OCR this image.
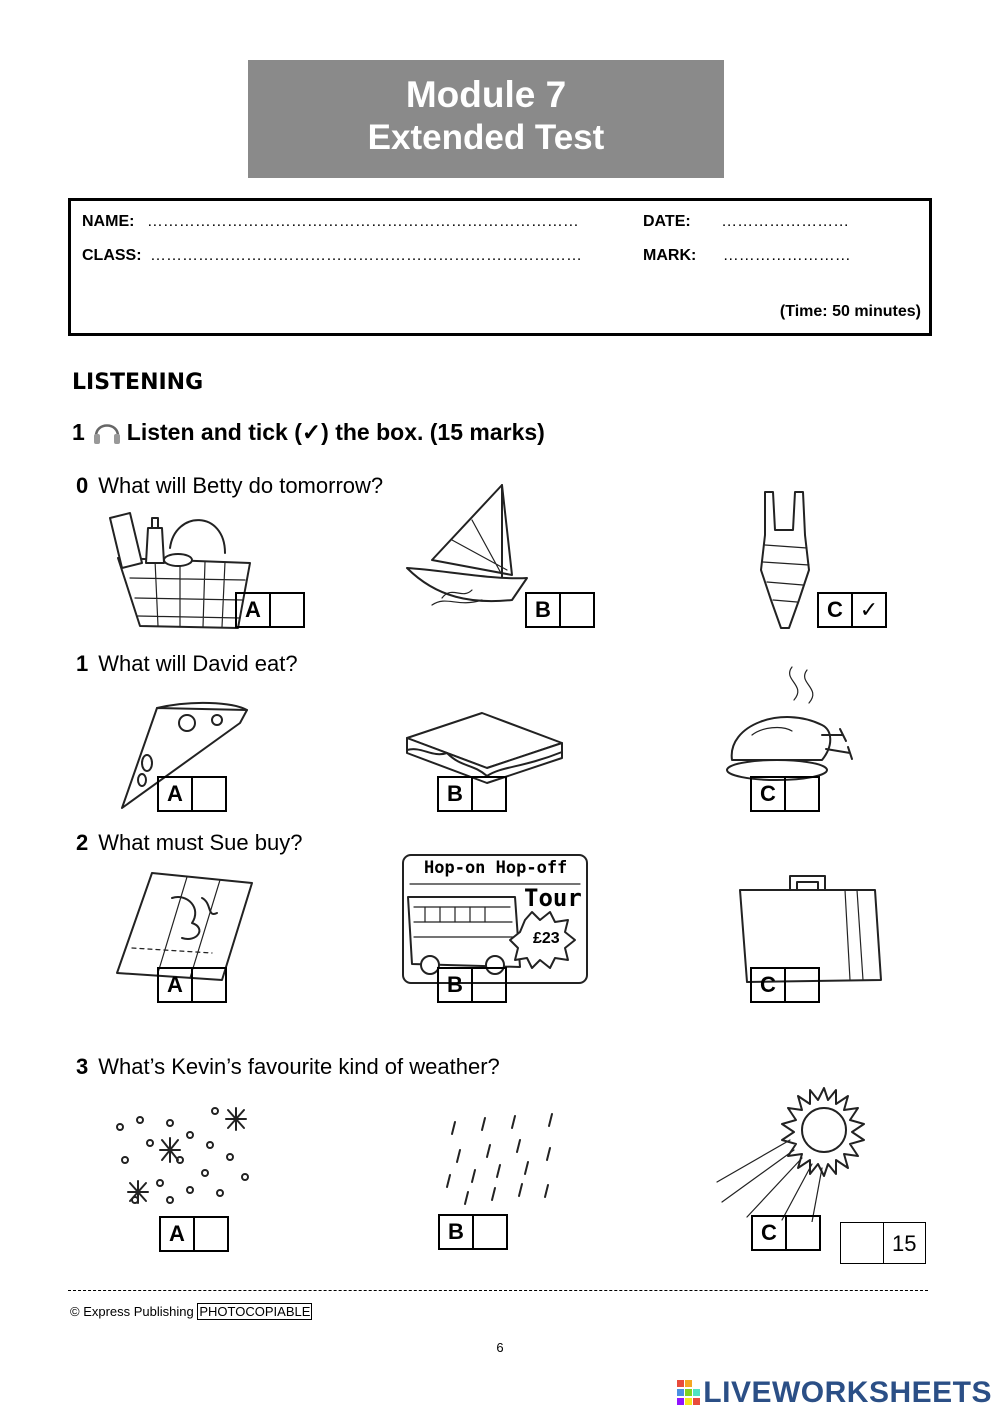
Module 7
Extended Test
NAME: ………………………………………………………………………	DATE: ……………………
CLASS: ………………………………………………………………………	MARK: ……………………
(Time: 50 minutes)
LISTENING
1 Listen and tick (✓) the box. (15 marks)
0 What will Betty do tomorrow?
A	B	C ✓
1 What will David eat?
A	B	C
2 What must Sue buy?
Hop-on Hop-off
Tour
£23
A	B	C
3 What’s Kevin’s favourite kind of weather?
A	B	C	15
© Express Publishing PHOTOCOPIABLE
6
LIVEWORKSHEETS
